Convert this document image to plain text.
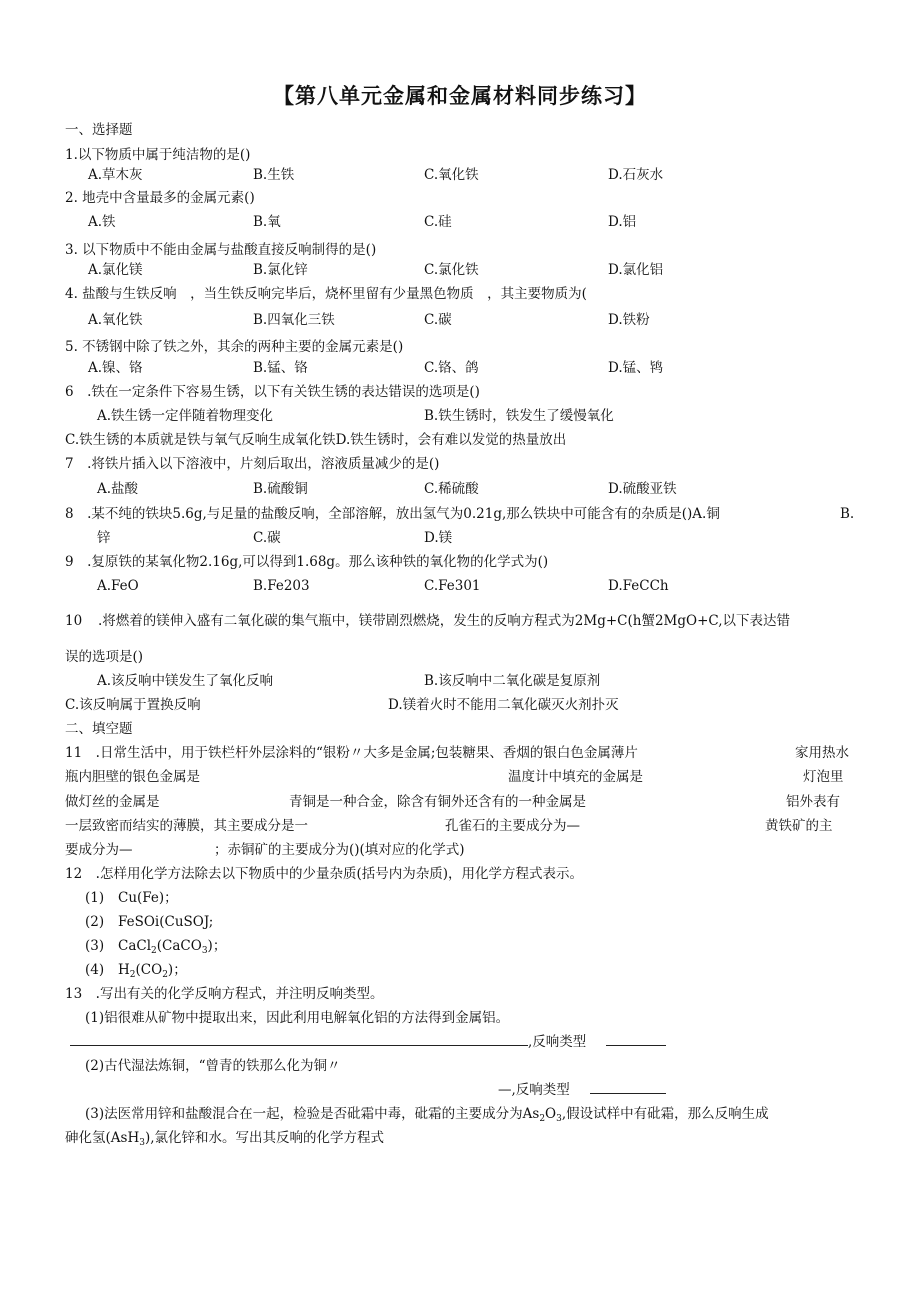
【第八单元金属和金属材料同步练习】
一、选择题
1.以下物质中属于纯洁物的是()
A.草木灰	B.生铁	C.氧化铁	D.石灰水
2. 地壳中含量最多的金属元素()
A.铁	B.氧	C.硅	D.铝
3. 以下物质中不能由金属与盐酸直接反响制得的是()
A.氯化镁	B.氯化锌	C.氯化铁	D.氯化铝
4. 盐酸与生铁反响　，当生铁反响完毕后，烧杯里留有少量黑色物质　，其主要物质为(
A.氧化铁	B.四氧化三铁	C.碳	D.铁粉
5. 不锈钢中除了铁之外，其余的两种主要的金属元素是()
A.镍、铬	B.锰、铬	C.铬、鸽	D.锰、鸨
6　.铁在一定条件下容易生锈，以下有关铁生锈的表达错误的选项是()
A.铁生锈一定伴随着物理变化	B.铁生锈时，铁发生了缓慢氧化
C.铁生锈的本质就是铁与氧气反响生成氧化铁D.铁生锈时，会有难以发觉的热量放出
7　.将铁片插入以下溶液中，片刻后取出，溶液质量减少的是()
A.盐酸	B.硫酸铜	C.稀硫酸	D.硫酸亚铁
8　.某不纯的铁块5.6g,与足量的盐酸反响，全部溶解，放出氢气为0.21g,那么铁块中可能含有的杂质是()A.铜	B.
锌	C.碳	D.镁
9　.复原铁的某氧化物2.16g,可以得到1.68g。那么该种铁的氧化物的化学式为()
A.FeO	B.Fe203	C.Fe301	D.FeCCh
10 .将燃着的镁伸入盛有二氧化碳的集气瓶中，镁带剧烈燃烧，发生的反响方程式为2Mg+C(h蟹2MgO+C,以下表达错
误的选项是()
A.该反响中镁发生了氧化反响	B.该反响中二氧化碳是复原剂
C.该反响属于置换反响	D.镁着火时不能用二氧化碳灭火剂扑灭
二、填空题
11　.日常生活中，用于铁栏杆外层涂料的“银粉〃大多是金属;包装糖果、香烟的银白色金属薄片	家用热水
瓶内胆壁的银色金属是	温度计中填充的金属是	灯泡里
做灯丝的金属是	青铜是一种合金，除含有铜外还含有的一种金属是	铝外表有
一层致密而结实的薄膜，其主要成分是一	孔雀石的主要成分为—	黄铁矿的主
要成分为—	；赤铜矿的主要成分为()(填对应的化学式)
12　.怎样用化学方法除去以下物质中的少量杂质(括号内为杂质)，用化学方程式表示。
(1) Cu(Fe)；
(2) FeSOi(CuSOJ;
(3) CaCl$_2$(CaCO$_3$)；
(4) $H_2(CO_2)$；
13　.写出有关的化学反响方程式，并注明反响类型。
(1)铝很难从矿物中提取出来，因此利用电解氧化铝的方法得到金属铝。
,反响类型
(2)古代湿法炼铜，“曾青的铁那么化为铜〃
—,反响类型
(3)法医常用锌和盐酸混合在一起，检验是否砒霜中毒，砒霜的主要成分为$As_2O_3$,假设试样中有砒霜，那么反响生成
砷化氢(AsH$_3$),氯化锌和水。写出其反响的化学方程式
